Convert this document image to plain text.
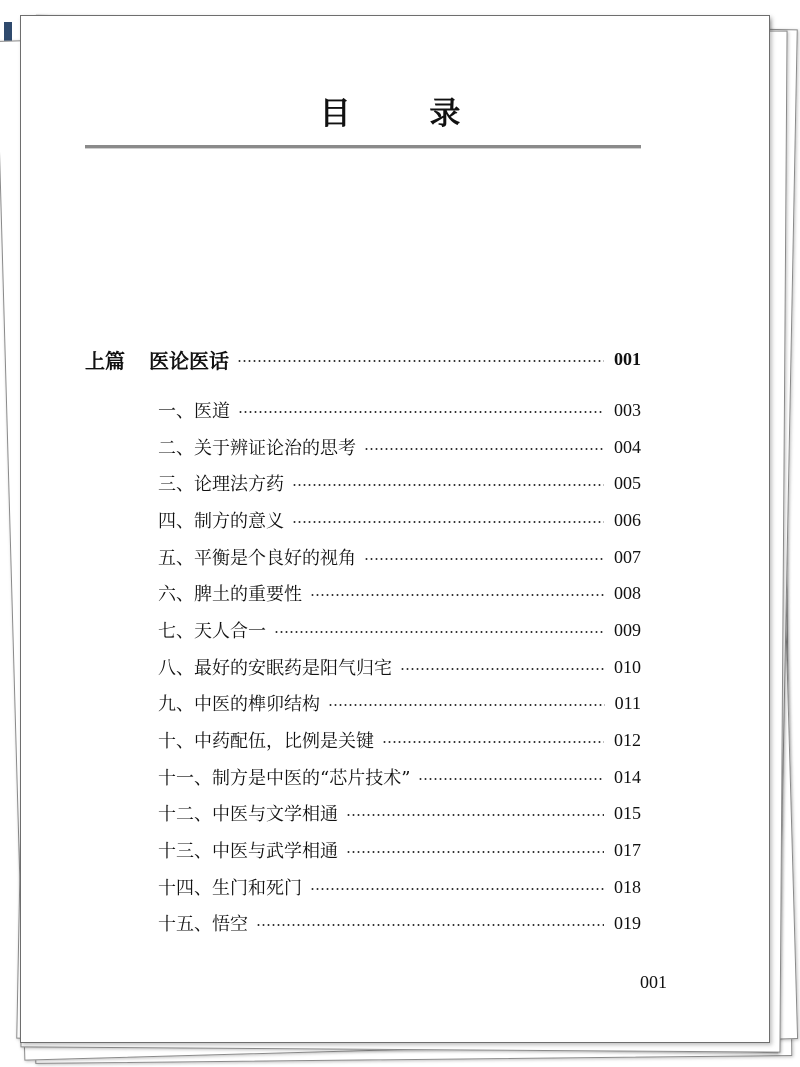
目 录
上篇 医论医话	001
一、医道	003
二、关于辨证论治的思考	004
三、论理法方药	005
四、制方的意义	006
五、平衡是个良好的视角	007
六、脾土的重要性	008
七、天人合一	009
八、最好的安眠药是阳气归宅	010
九、中医的榫卯结构	011
十、中药配伍，比例是关键	012
十一、制方是中医的“芯片技术”	014
十二、中医与文学相通	015
十三、中医与武学相通	017
十四、生门和死门	018
十五、悟空	019
001
